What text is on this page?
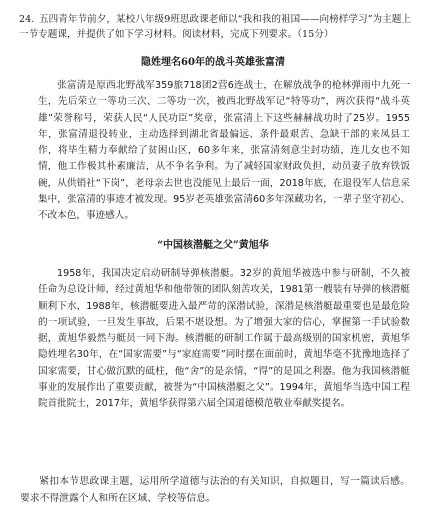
24. 五四青年节前夕，某校八年级9班思政课老师以“我和我的祖国——向榜样学习”为主题上一节专题课，并提供了如下学习材料。阅读材料，完成下列要求。（15分）
隐姓埋名60年的战斗英雄张富清
张富清是原西北野战军359旅718团2营6连战士，在解放战争的枪林弹雨中九死一生，先后荣立一等功三次、二等功一次，被西北野战军记“特等功”，两次获得“战斗英雄”荣誉称号，荣获人民“人民功臣”奖章，张富清上下这些赫赫战功时了25岁。1955年，张富清退役转业，主动选择到湖北省最偏远、条件最艰苦、急缺干部的来凤县工作，将毕生精力奉献给了贫困山区，60多年来，张富清刻意尘封功绩，连儿女也不知情，他工作极其朴素廉洁，从不争名争利。为了减轻国家财政负担，动员妻子放弃铁饭碗，从供销社“下岗”，老母亲去世也没能见上最后一面，2018年底，在退役军人信息采集中，张富清的事迹才被发现。95岁老英雄张富清60多年深藏功名，一辈子坚守初心、不改本色，事迹感人。
“中国核潜艇之父”黄旭华
1958年，我国决定启动研制导弹核潜艇。32岁的黄旭华被选中参与研制，不久被任命为总设计师，经过黄旭华和他带领的团队刻苦攻关，1981第一艘装有导弹的核潜艇顺利下水，1988年，核潜艇要进入最严苛的深潜试验，深潜是核潜艇最重要也是最危险的一项试验，一旦发生事故，后果不堪设想。为了增强大家的信心，掌握第一手试验数据，黄旭华毅然与艇员一同下海。核潜艇的研制工作属于最高级别的国家机密，黄旭华隐姓埋名30年，在“国家需要”与“家庭需要”同时摆在面前时，黄旭华毫不犹豫地选择了国家需要，甘心做沉默的砥柱，他“舍”的是亲情，“得”的是国之利器。他为我国核潜艇事业的发展作出了重要贡献，被誉为“中国核潜艇之父”。1994年，黄旭华当选中国工程院首批院士，2017年，黄旭华获得第六届全国道德模范敬业奉献奖提名。
紧扣本节思政课主题，运用所学道德与法治的有关知识，自拟题目，写一篇读后感。要求不得泄露个人和所在区域、学校等信息。
